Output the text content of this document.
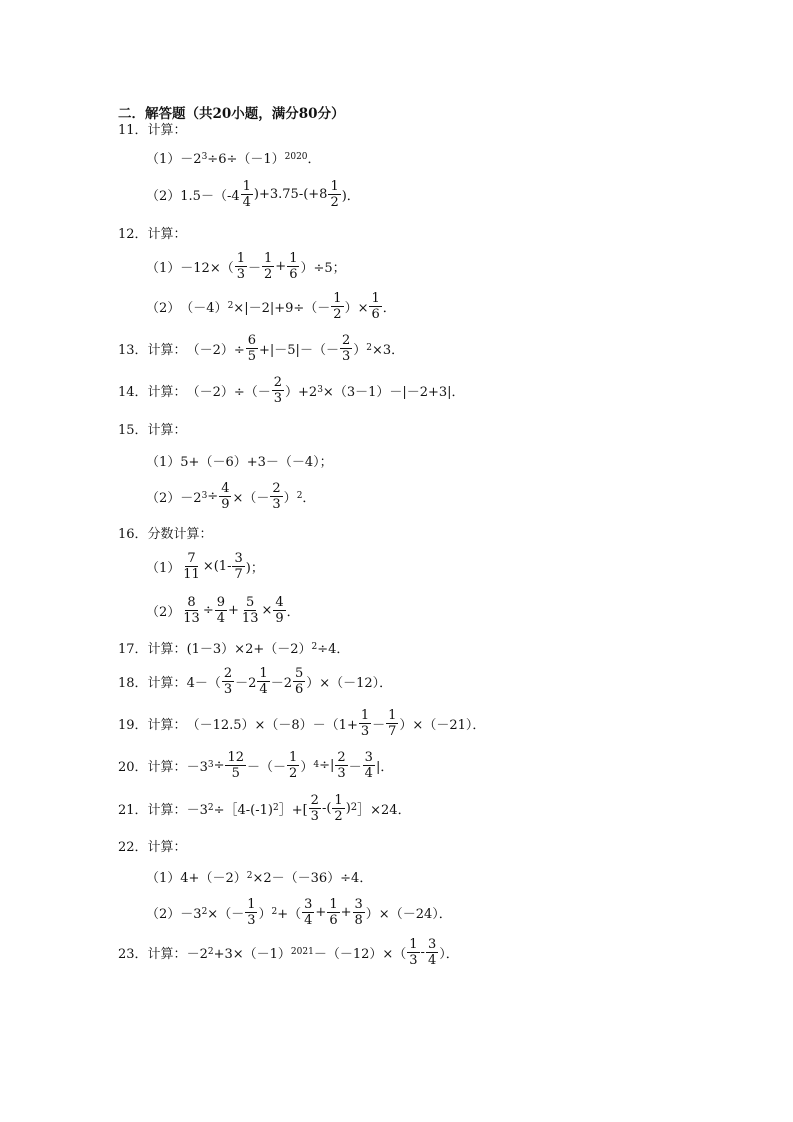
二．解答题（共20小题，满分80分）
11． 计算：
（1） －2 3 ÷6÷（－1） 2020 ．
（2） $1.5-(-4 \frac{1}{4} )+3.75-(+8 \frac{1}{2}$ )．
12． 计算：
$(1) -12\times( \frac{1}{3} - \frac{1}{2} + \frac{1}{6} )\div 5$；
（2） （－4） $2 \times|-2|+9\div(- \frac{1}{2}$ ）× $\frac{1}{6}$ ．
13． 计算： $(-2)\div \frac{6}{5} +|-5|-(- \frac{2}{3}$ ） 2 ×3．
14． 计算： $(-2)\div(- \frac{2}{3} )+2$ 3 ×（3－1）－|－2+3|．
15． 计算：
（1） 5+（－6）+3－（－4）；
（2） －2 $3 \div \frac{4}{9}$ ×（－ $\frac{2}{3}$ ） 2 ．
16． 分数计算：
$(1) \frac{7}{11} \times(1- \frac{3}{7}$ )；
$(2) \frac{8}{13} \div \frac{9}{4} + \frac{5}{13} \times \frac{4}{9}$ ．
17． 计算： (1－3）×2+（－2） 2 ÷4．
18． 计算： $4-( \frac{2}{3} -2 \frac{1}{4} -2 \frac{5}{6} )\times(-12)$．
19． 计算： $(-12.5)\times(-8)-(1+ \frac{1}{3} - \frac{1}{7} )\times(-21)$．
20． 计算： －3 $3 \div \frac{12}{5}$ －（－ $\frac{1}{2}$ ） 4 ÷| $\frac{2}{3} - \frac{3}{4}$ |．
21． 计算： －3 2 ÷［4-(-1) 2 ］+[ $\frac{2}{3}$ -( $\frac{1}{2}$ ) 2 ］×24．
22． 计算：
（1） 4+（－2） 2 ×2－（－36）÷4．
（2） －3 2 ×（－ $\frac{1}{3}$ ） 2 +（ $\frac{3}{4} + \frac{1}{6} + \frac{3}{8} )\times(-24)$．
23． 计算： －2 2 +3×（－1） $2021 -(-12)\times( \frac{1}{3} - \frac{3}{4}$ ）．
